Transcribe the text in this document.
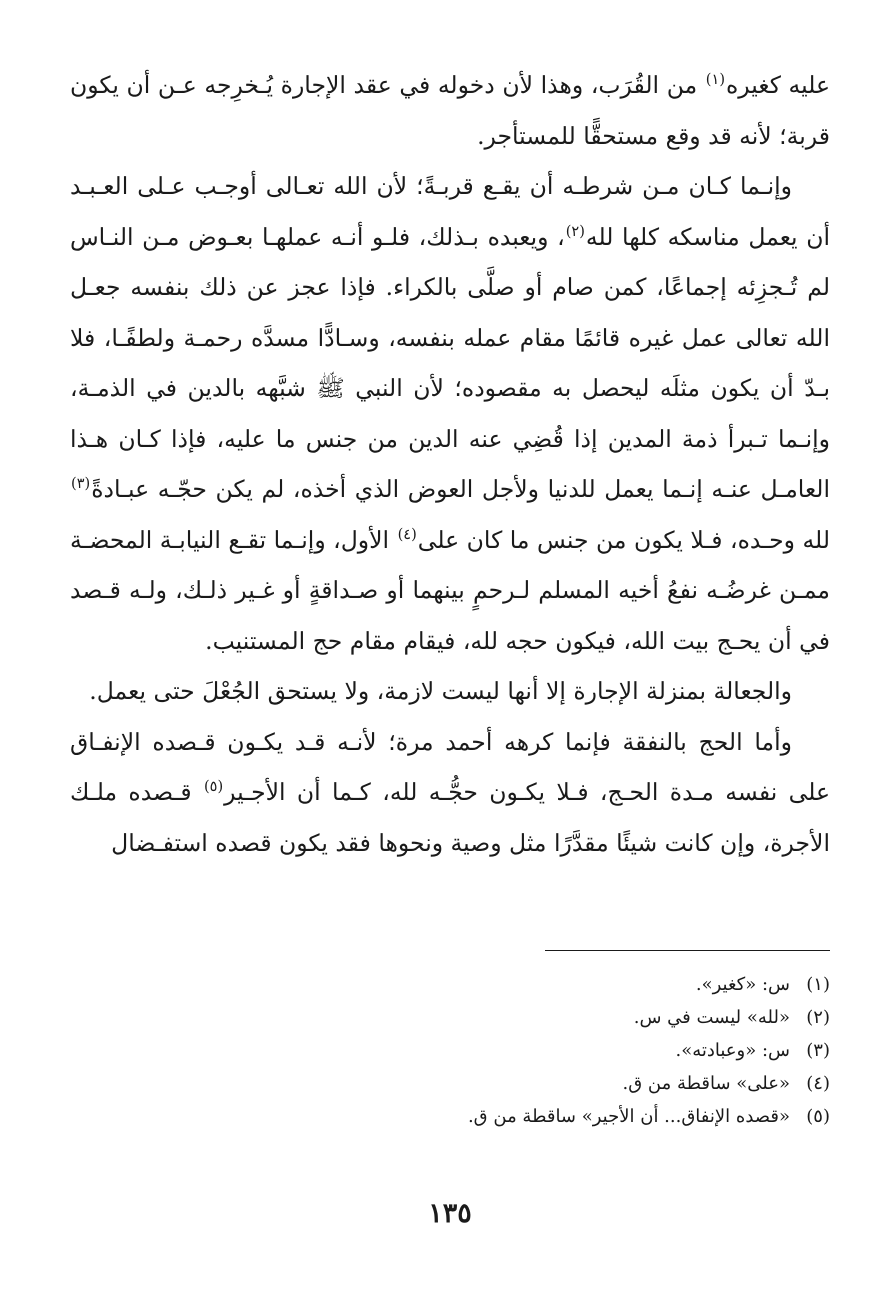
عليه كغيره$^{(١)}$ من القُرَب، وهذا لأن دخوله في عقد الإجارة يُـخرِجه عـن أن يكون قربة؛ لأنه قد وقع مستحقًّا للمستأجر.

وإنـما كـان مـن شرطـه أن يقـع قربـةً؛ لأن الله تعـالى أوجـب عـلى العـبـد أن يعمل مناسكه كلها لله$^{(٢)}$، ويعبده بـذلك، فلـو أنـه عملهـا بعـوض مـن النـاس لم تُـجزِئه إجماعًا، كمن صام أو صلَّى بالكراء. فإذا عجز عن ذلك بنفسه جعـل الله تعالى عمل غيره قائمًا مقام عمله بنفسه، وسـادًّا مسدَّه رحمـة ولطفًـا، فلا بـدّ أن يكون مثلَه ليحصل به مقصوده؛ لأن النبي ﷺ شبَّهه بالدين في الذمـة، وإنـما تـبرأ ذمة المدين إذا قُضِي عنه الدين من جنس ما عليه، فإذا كـان هـذا العامـل عنـه إنـما يعمل للدنيا ولأجل العوض الذي أخذه، لم يكن حجّـه عبـادةً$^{(٣)}$ لله وحـده، فـلا يكون من جنس ما كان على$^{(٤)}$ الأول، وإنـما تقـع النيابـة المحضـة ممـن غرضُـه نفعُ أخيه المسلم لـرحمٍ بينهما أو صـداقةٍ أو غـير ذلـك، ولـه قـصد في أن يحـج بيت الله، فيكون حجه لله، فيقام مقام حج المستنيب.

والجعالة بمنزلة الإجارة إلا أنها ليست لازمة، ولا يستحق الجُعْلَ حتى يعمل.

وأما الحج بالنفقة فإنما كرهه أحمد مرة؛ لأنـه قـد يكـون قـصده الإنفـاق على نفسه مـدة الحـج، فـلا يكـون حجُّـه لله، كـما أن الأجـير$^{(٥)}$ قـصده ملـك الأجرة، وإن كانت شيئًا مقدَّرًا مثل وصية ونحوها فقد يكون قصده استفـضال

(١)
س: «كغير».
(٢)
«لله» ليست في س.
(٣)
س: «وعبادته».
(٤)
«على» ساقطة من ق.
(٥)
«قصده الإنفاق... أن الأجير» ساقطة من ق.
١٣٥
